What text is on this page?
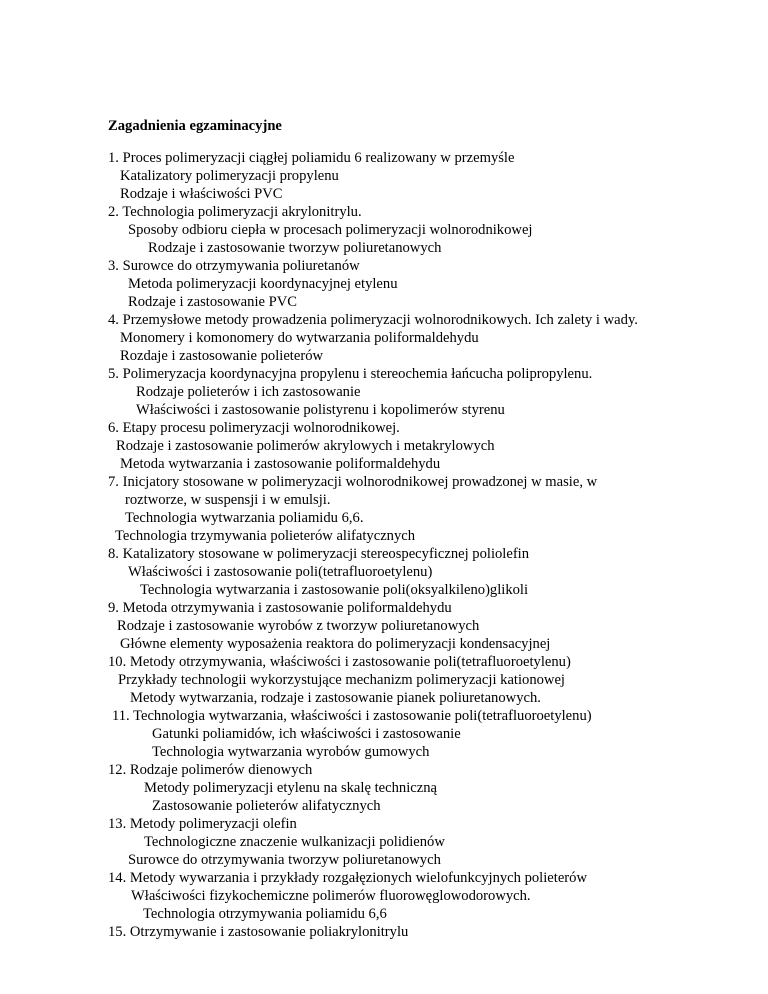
Zagadnienia egzaminacyjne
1. Proces polimeryzacji ciągłej poliamidu 6 realizowany w przemyśle
Katalizatory polimeryzacji propylenu
Rodzaje i właściwości PVC
2. Technologia polimeryzacji akrylonitrylu.
Sposoby odbioru ciepła w procesach polimeryzacji wolnorodnikowej
Rodzaje i zastosowanie tworzyw poliuretanowych
3. Surowce do otrzymywania poliuretanów
Metoda polimeryzacji koordynacyjnej etylenu
Rodzaje i zastosowanie PVC
4. Przemysłowe metody prowadzenia polimeryzacji wolnorodnikowych. Ich zalety i wady.
Monomery i komonomery do wytwarzania poliformaldehydu
Rozdaje i zastosowanie polieterów
5. Polimeryzacja koordynacyjna propylenu i stereochemia łańcucha polipropylenu.
Rodzaje polieterów i ich zastosowanie
Właściwości i zastosowanie polistyrenu i kopolimerów styrenu
6. Etapy procesu polimeryzacji wolnorodnikowej.
Rodzaje i zastosowanie polimerów akrylowych i metakrylowych
Metoda wytwarzania i zastosowanie poliformaldehydu
7. Inicjatory stosowane w polimeryzacji wolnorodnikowej prowadzonej w masie, w
roztworze, w suspensji i w emulsji.
Technologia wytwarzania poliamidu 6,6.
Technologia trzymywania polieterów alifatycznych
8. Katalizatory stosowane w polimeryzacji stereospecyficznej poliolefin
Właściwości i zastosowanie poli(tetrafluoroetylenu)
Technologia wytwarzania i zastosowanie poli(oksyalkileno)glikoli
9. Metoda otrzymywania i zastosowanie poliformaldehydu
Rodzaje i zastosowanie wyrobów z tworzyw poliuretanowych
Główne elementy wyposażenia reaktora do polimeryzacji kondensacyjnej
10. Metody otrzymywania, właściwości i zastosowanie poli(tetrafluoroetylenu)
Przykłady technologii wykorzystujące mechanizm polimeryzacji kationowej
Metody wytwarzania, rodzaje i zastosowanie pianek poliuretanowych.
11. Technologia wytwarzania, właściwości i zastosowanie poli(tetrafluoroetylenu)
Gatunki poliamidów, ich właściwości i zastosowanie
Technologia wytwarzania wyrobów gumowych
12. Rodzaje polimerów dienowych
Metody polimeryzacji etylenu na skalę techniczną
Zastosowanie polieterów alifatycznych
13. Metody polimeryzacji olefin
Technologiczne znaczenie wulkanizacji polidienów
Surowce do otrzymywania tworzyw poliuretanowych
14. Metody wywarzania i przykłady rozgałęzionych wielofunkcyjnych polieterów
Właściwości fizykochemiczne polimerów fluorowęglowodorowych.
Technologia otrzymywania poliamidu 6,6
15. Otrzymywanie i zastosowanie poliakrylonitrylu
